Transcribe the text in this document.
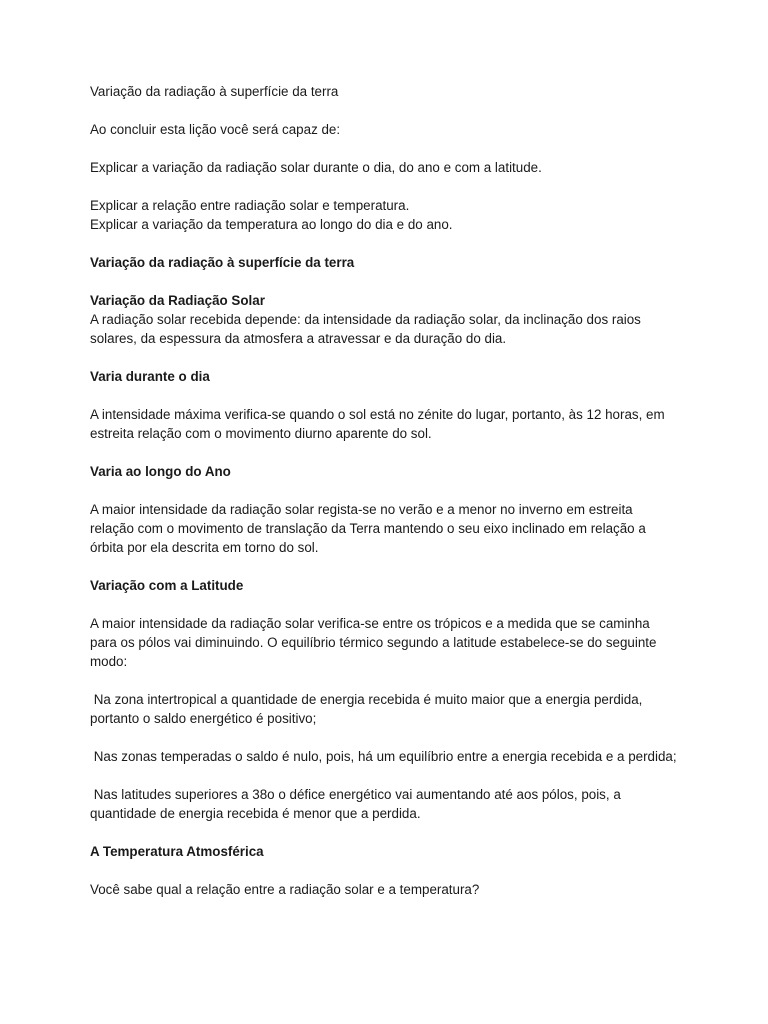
Variação da radiação à superfície da terra

Ao concluir esta lição você será capaz de:

Explicar a variação da radiação solar durante o dia, do ano e com a latitude.

Explicar a relação entre radiação solar e temperatura.

Explicar a variação da temperatura ao longo do dia e do ano.

Variação da radiação à superfície da terra

Variação da Radiação Solar

A radiação solar recebida depende: da intensidade da radiação solar, da inclinação dos raios solares, da espessura da atmosfera a atravessar e da duração do dia.

Varia durante o dia

A intensidade máxima verifica-se quando o sol está no zénite do lugar, portanto, às 12 horas, em estreita relação com o movimento diurno aparente do sol.

Varia ao longo do Ano

A maior intensidade da radiação solar regista-se no verão e a menor no inverno em estreita relação com o movimento de translação da Terra mantendo o seu eixo inclinado em relação a órbita por ela descrita em torno do sol.

Variação com a Latitude

A maior intensidade da radiação solar verifica-se entre os trópicos e a medida que se caminha para os pólos vai diminuindo. O equilíbrio térmico segundo a latitude estabelece-se do seguinte modo:

Na zona intertropical a quantidade de energia recebida é muito maior que a energia perdida, portanto o saldo energético é positivo;

Nas zonas temperadas o saldo é nulo, pois, há um equilíbrio entre a energia recebida e a perdida;

Nas latitudes superiores a 38o o défice energético vai aumentando até aos pólos, pois, a quantidade de energia recebida é menor que a perdida.

A Temperatura Atmosférica

Você sabe qual a relação entre a radiação solar e a temperatura?
